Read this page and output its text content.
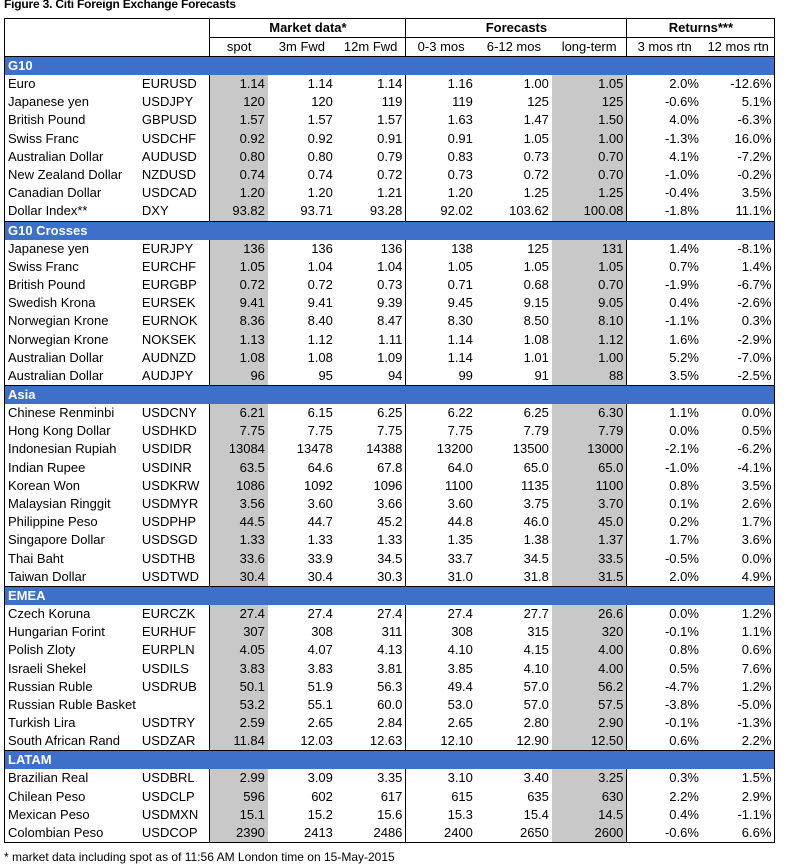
Figure 3. Citi Foreign Exchange Forecasts
		Market data*			Forecasts			Returns***	
		spot	3m Fwd	12m Fwd	0-3 mos	6-12 mos	long-term	3 mos rtn	12 mos rtn
G10									
Euro	EURUSD	1.14	1.14	1.14	1.16	1.00	1.05	2.0%	-12.6%
Japanese yen	USDJPY	120	120	119	119	125	125	-0.6%	5.1%
British Pound	GBPUSD	1.57	1.57	1.57	1.63	1.47	1.50	4.0%	-6.3%
Swiss Franc	USDCHF	0.92	0.92	0.91	0.91	1.05	1.00	-1.3%	16.0%
Australian Dollar	AUDUSD	0.80	0.80	0.79	0.83	0.73	0.70	4.1%	-7.2%
New Zealand Dollar	NZDUSD	0.74	0.74	0.72	0.73	0.72	0.70	-1.0%	-0.2%
Canadian Dollar	USDCAD	1.20	1.20	1.21	1.20	1.25	1.25	-0.4%	3.5%
Dollar Index**	DXY	93.82	93.71	93.28	92.02	103.62	100.08	-1.8%	11.1%
G10 Crosses									
Japanese yen	EURJPY	136	136	136	138	125	131	1.4%	-8.1%
Swiss Franc	EURCHF	1.05	1.04	1.04	1.05	1.05	1.05	0.7%	1.4%
British Pound	EURGBP	0.72	0.72	0.73	0.71	0.68	0.70	-1.9%	-6.7%
Swedish Krona	EURSEK	9.41	9.41	9.39	9.45	9.15	9.05	0.4%	-2.6%
Norwegian Krone	EURNOK	8.36	8.40	8.47	8.30	8.50	8.10	-1.1%	0.3%
Norwegian Krone	NOKSEK	1.13	1.12	1.11	1.14	1.08	1.12	1.6%	-2.9%
Australian Dollar	AUDNZD	1.08	1.08	1.09	1.14	1.01	1.00	5.2%	-7.0%
Australian Dollar	AUDJPY	96	95	94	99	91	88	3.5%	-2.5%
Asia									
Chinese Renminbi	USDCNY	6.21	6.15	6.25	6.22	6.25	6.30	1.1%	0.0%
Hong Kong Dollar	USDHKD	7.75	7.75	7.75	7.75	7.79	7.79	0.0%	0.5%
Indonesian Rupiah	USDIDR	13084	13478	14388	13200	13500	13000	-2.1%	-6.2%
Indian Rupee	USDINR	63.5	64.6	67.8	64.0	65.0	65.0	-1.0%	-4.1%
Korean Won	USDKRW	1086	1092	1096	1100	1135	1100	0.8%	3.5%
Malaysian Ringgit	USDMYR	3.56	3.60	3.66	3.60	3.75	3.70	0.1%	2.6%
Philippine Peso	USDPHP	44.5	44.7	45.2	44.8	46.0	45.0	0.2%	1.7%
Singapore Dollar	USDSGD	1.33	1.33	1.33	1.35	1.38	1.37	1.7%	3.6%
Thai Baht	USDTHB	33.6	33.9	34.5	33.7	34.5	33.5	-0.5%	0.0%
Taiwan Dollar	USDTWD	30.4	30.4	30.3	31.0	31.8	31.5	2.0%	4.9%
EMEA									
Czech Koruna	EURCZK	27.4	27.4	27.4	27.4	27.7	26.6	0.0%	1.2%
Hungarian Forint	EURHUF	307	308	311	308	315	320	-0.1%	1.1%
Polish Zloty	EURPLN	4.05	4.07	4.13	4.10	4.15	4.00	0.8%	0.6%
Israeli Shekel	USDILS	3.83	3.83	3.81	3.85	4.10	4.00	0.5%	7.6%
Russian Ruble	USDRUB	50.1	51.9	56.3	49.4	57.0	56.2	-4.7%	1.2%
Russian Ruble Basket		53.2	55.1	60.0	53.0	57.0	57.5	-3.8%	-5.0%
Turkish Lira	USDTRY	2.59	2.65	2.84	2.65	2.80	2.90	-0.1%	-1.3%
South African Rand	USDZAR	11.84	12.03	12.63	12.10	12.90	12.50	0.6%	2.2%
LATAM									
Brazilian Real	USDBRL	2.99	3.09	3.35	3.10	3.40	3.25	0.3%	1.5%
Chilean Peso	USDCLP	596	602	617	615	635	630	2.2%	2.9%
Mexican Peso	USDMXN	15.1	15.2	15.6	15.3	15.4	14.5	0.4%	-1.1%
Colombian Peso	USDCOP	2390	2413	2486	2400	2650	2600	-0.6%	6.6%
* market data including spot as of 11:56 AM London time on 15-May-2015
